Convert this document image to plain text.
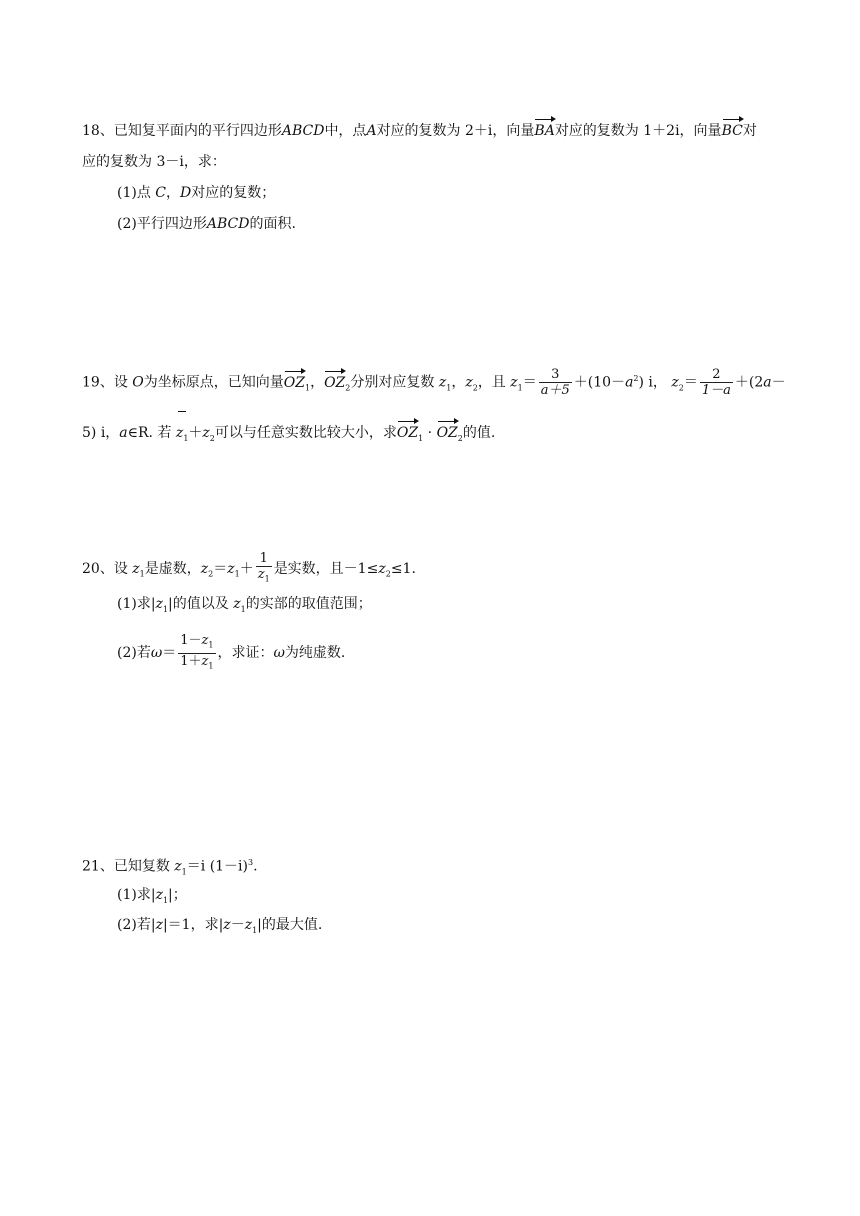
18、已知复平面内的平行四边形ABCD中，点A对应的复数为 2＋i，向量BA对应的复数为 1＋2i，向量BC对
应的复数为 3－i，求：
(1)点 C，D对应的复数；
(2)平行四边形ABCD的面积.
19、设 O为坐标原点，已知向量$OZ_1$，$OZ_2$分别对应复数 $z_1$，$z_2$，且 $z_1= \frac{3}{a+5} +(10-a^2)$ i， $z_2= \frac{2}{1-a} +(2a-$
5) i，a∈R. 若 $z_1+z_2$可以与任意实数比较大小，求$OZ_1 \cdot OZ_2$的值.
20、设 $z_1$是虚数，$z_2=z_1+ \frac{1}{z_1}$ 是实数，且$-1\le z_2\le 1$.
(1)求$|z_1|$的值以及 $z_1$的实部的取值范围；
(2)若$\omega= \frac{1-z_1}{1+z_1}$ ，求证：ω为纯虚数.
21、已知复数 $z_1=i$ $(1-i)^3$.
(1)求$|z_1|$；
(2)若|z|＝1，求$|z-z_1|$的最大值.
